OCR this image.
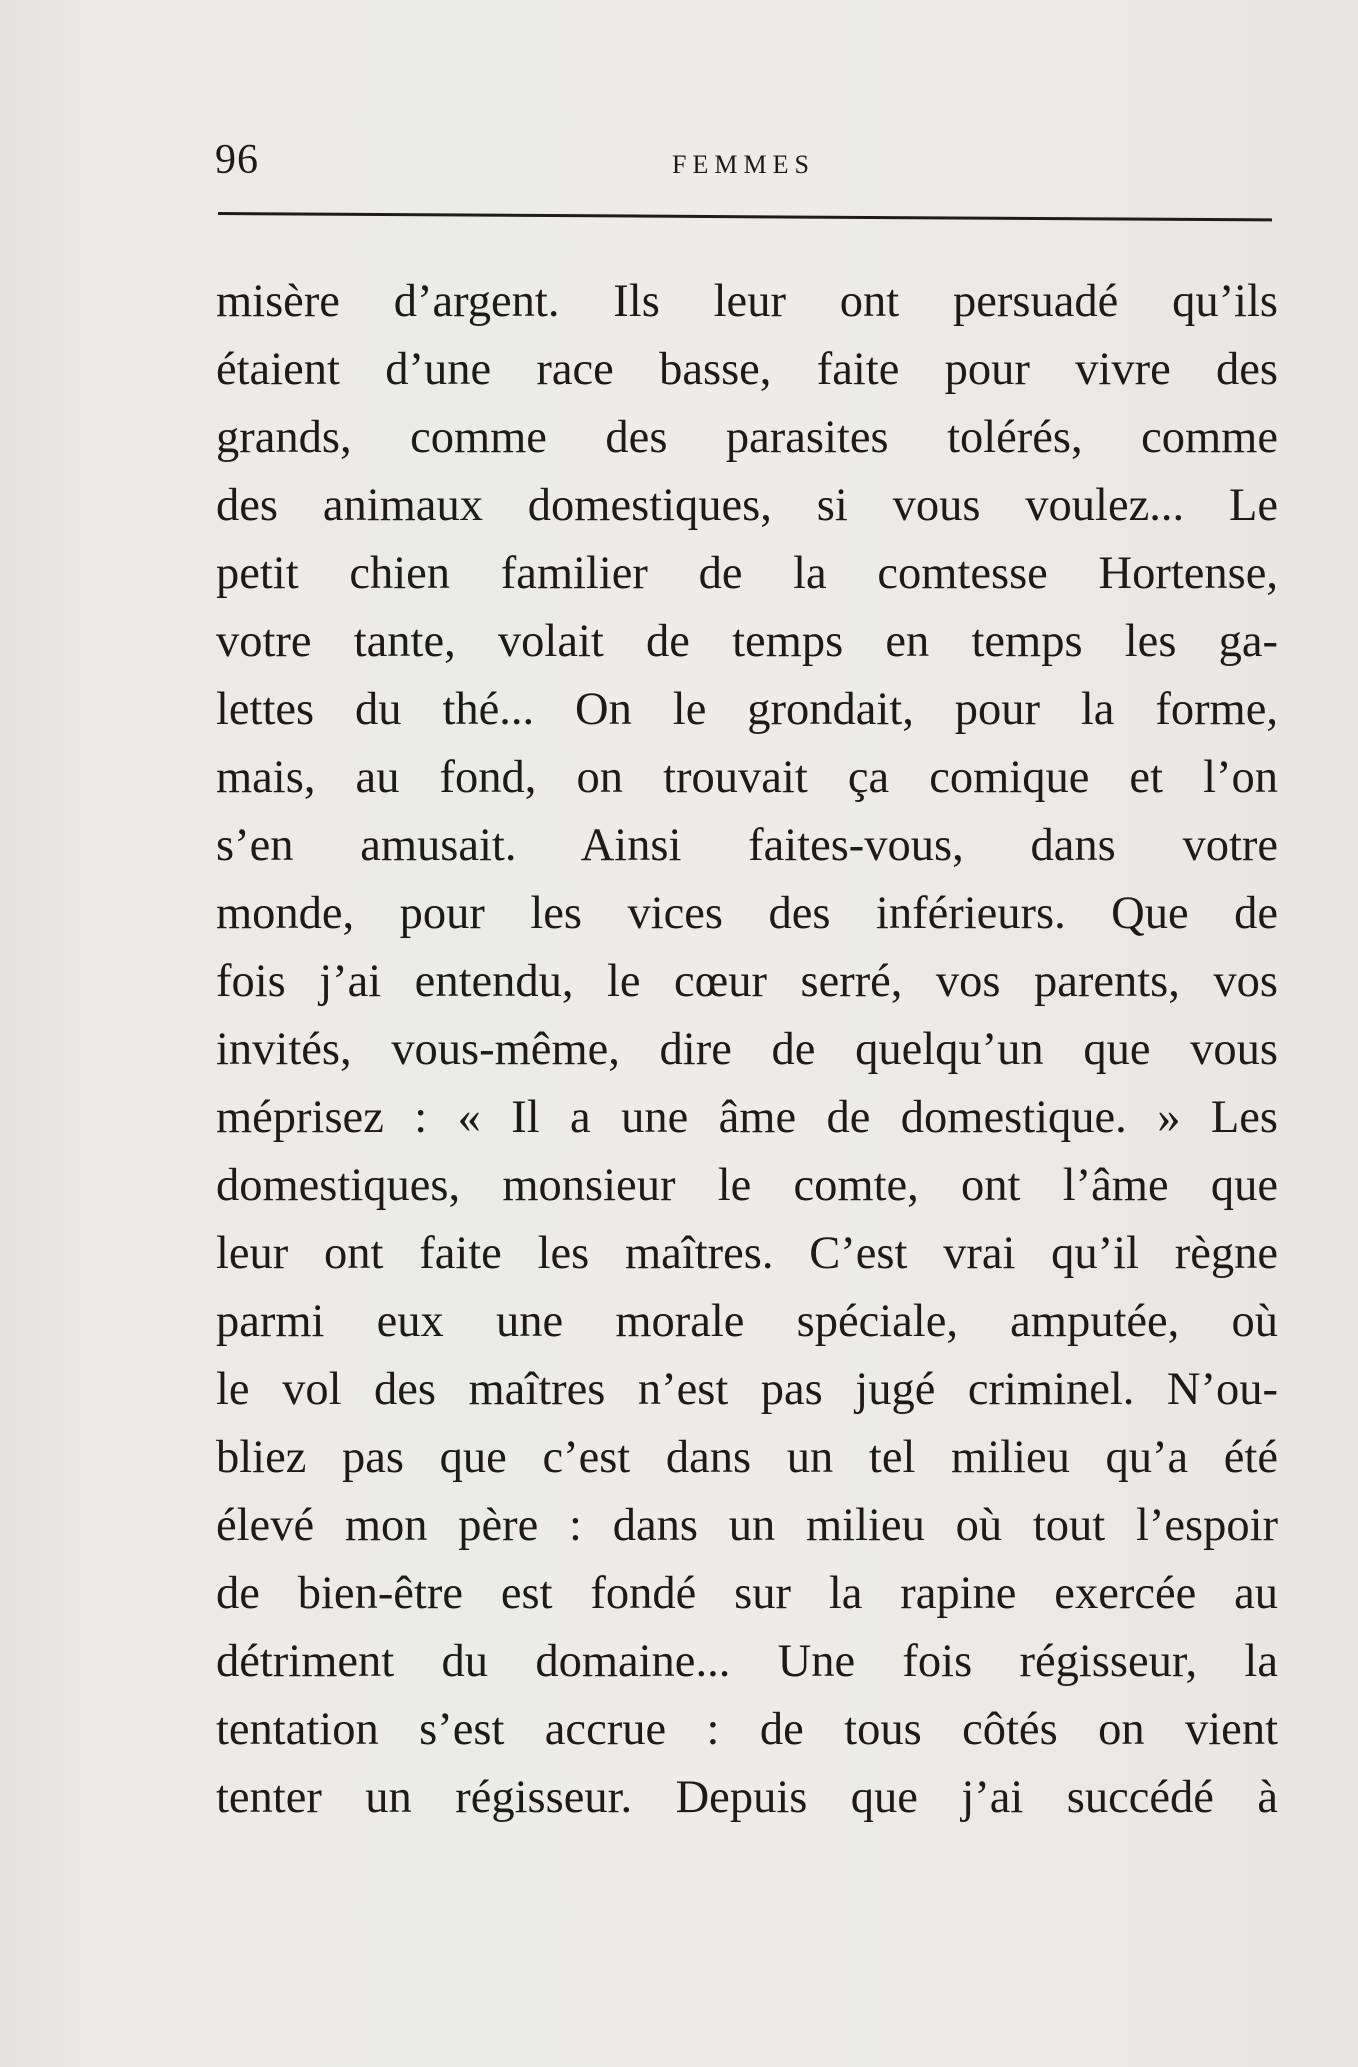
96	FEMMES
misère d’argent. Ils leur ont persuadé qu’ils
étaient d’une race basse, faite pour vivre des
grands, comme des parasites tolérés, comme
des animaux domestiques, si vous voulez... Le
petit chien familier de la comtesse Hortense,
votre tante, volait de temps en temps les ga-
lettes du thé... On le grondait, pour la forme,
mais, au fond, on trouvait ça comique et l’on
s’en amusait. Ainsi faites-vous, dans votre
monde, pour les vices des inférieurs. Que de
fois j’ai entendu, le cœur serré, vos parents, vos
invités, vous-même, dire de quelqu’un que vous
méprisez : « Il a une âme de domestique. » Les
domestiques, monsieur le comte, ont l’âme que
leur ont faite les maîtres. C’est vrai qu’il règne
parmi eux une morale spéciale, amputée, où
le vol des maîtres n’est pas jugé criminel. N’ou-
bliez pas que c’est dans un tel milieu qu’a été
élevé mon père : dans un milieu où tout l’espoir
de bien-être est fondé sur la rapine exercée au
détriment du domaine... Une fois régisseur, la
tentation s’est accrue : de tous côtés on vient
tenter un régisseur. Depuis que j’ai succédé à
